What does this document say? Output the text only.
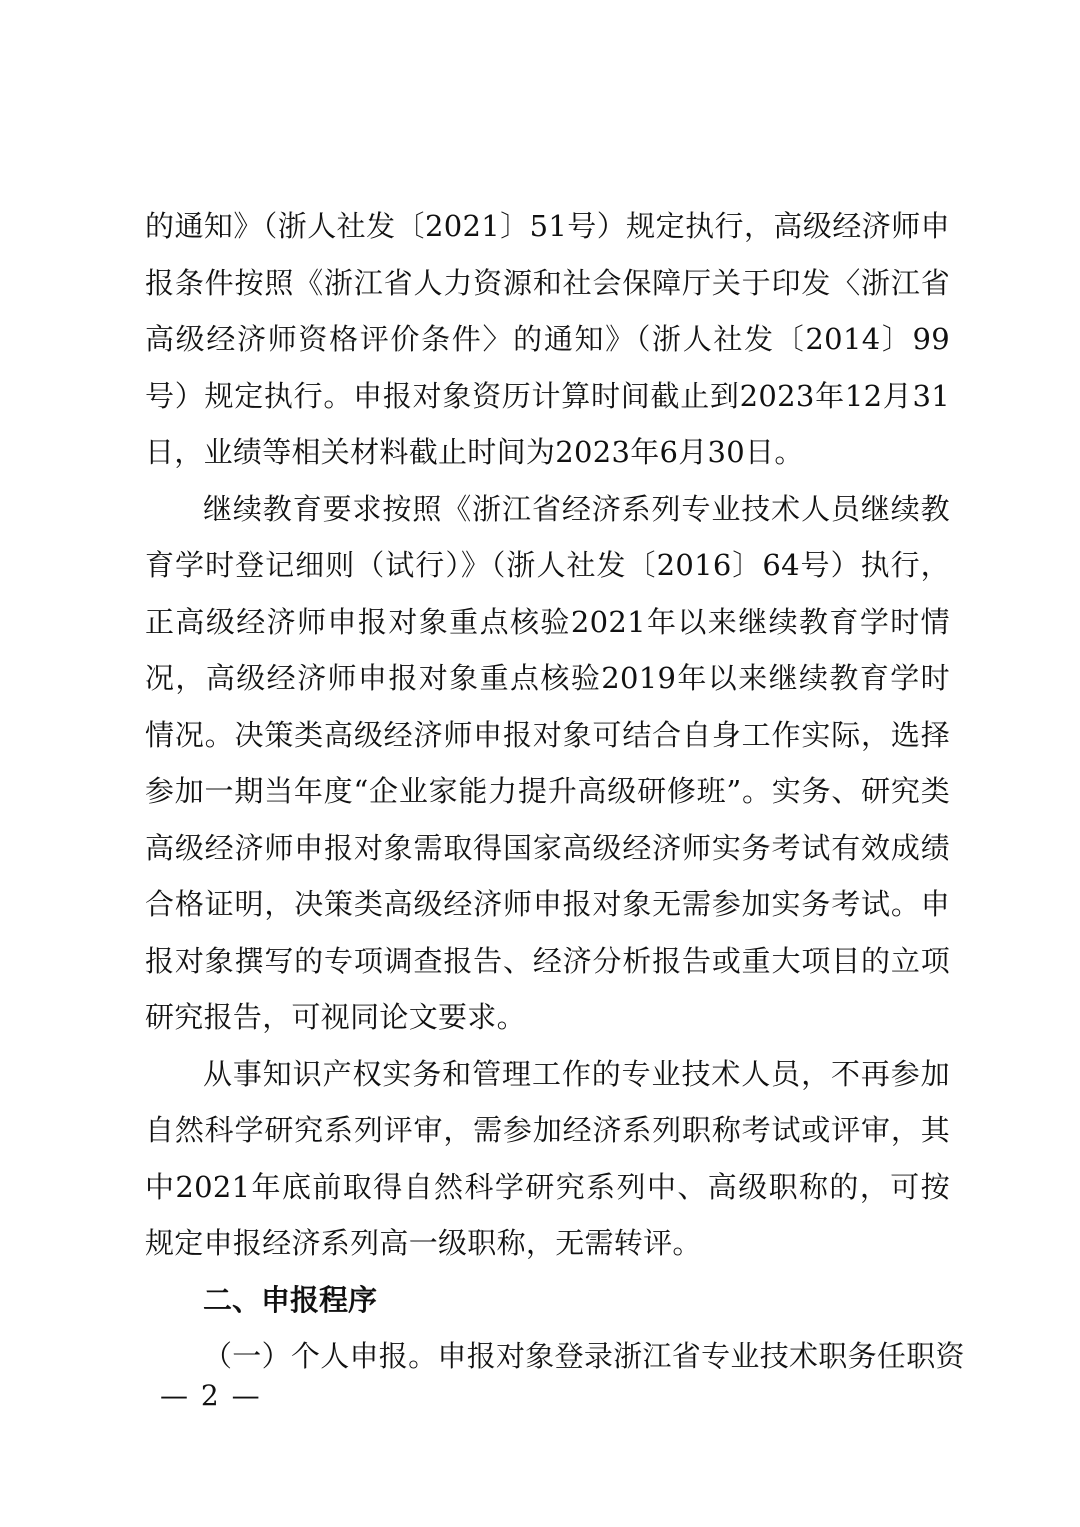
的通知》（浙人社发〔2021〕51号）规定执行，高级经济师申报条件按照《浙江省人力资源和社会保障厅关于印发〈浙江省高级经济师资格评价条件〉的通知》（浙人社发〔2014〕99号）规定执行。申报对象资历计算时间截止到2023年12月31日，业绩等相关材料截止时间为2023年6月30日。

继续教育要求按照《浙江省经济系列专业技术人员继续教育学时登记细则（试行）》（浙人社发〔2016〕64号）执行，正高级经济师申报对象重点核验2021年以来继续教育学时情况，高级经济师申报对象重点核验2019年以来继续教育学时情况。决策类高级经济师申报对象可结合自身工作实际，选择参加一期当年度“企业家能力提升高级研修班”。实务、研究类高级经济师申报对象需取得国家高级经济师实务考试有效成绩合格证明，决策类高级经济师申报对象无需参加实务考试。申报对象撰写的专项调查报告、经济分析报告或重大项目的立项研究报告，可视同论文要求。

从事知识产权实务和管理工作的专业技术人员，不再参加自然科学研究系列评审，需参加经济系列职称考试或评审，其中2021年底前取得自然科学研究系列中、高级职称的，可按规定申报经济系列高一级职称，无需转评。

二、申报程序

（一）个人申报。申报对象登录浙江省专业技术职务任职资

— 2 —
